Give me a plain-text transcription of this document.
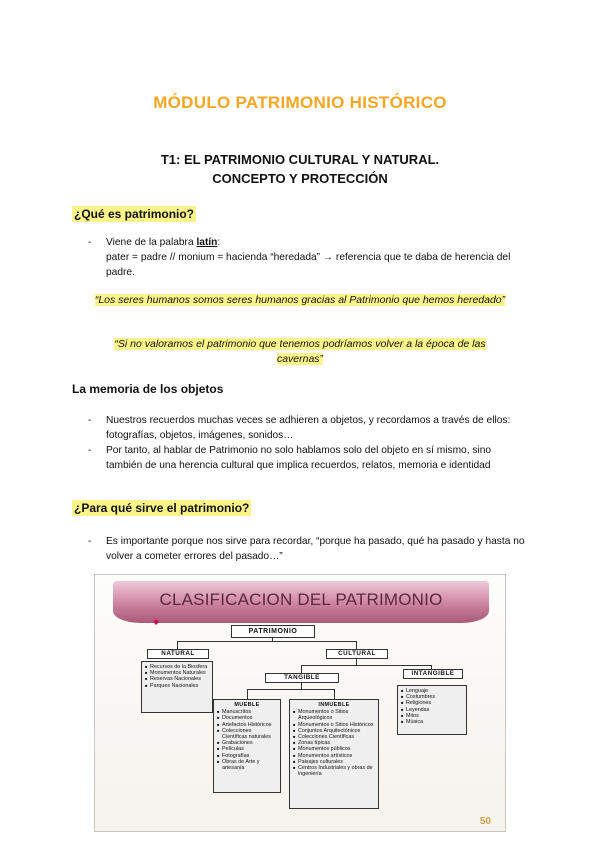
MÓDULO PATRIMONIO HISTÓRICO
T1: EL PATRIMONIO CULTURAL Y NATURAL.
CONCEPTO Y PROTECCIÓN
¿Qué es patrimonio?
- Viene de la palabra latín:
pater = padre // monium = hacienda “heredada” → referencia que te daba de herencia del padre.
“Los seres humanos somos seres humanos gracias al Patrimonio que hemos heredado”
“Si no valoramos el patrimonio que tenemos podríamos volver a la época de las cavernas”
La memoria de los objetos
- Nuestros recuerdos muchas veces se adhieren a objetos, y recordamos a través de ellos: fotografías, objetos, imágenes, sonidos…
- Por tanto, al hablar de Patrimonio no solo hablamos solo del objeto en sí mismo, sino también de una herencia cultural que implica recuerdos, relatos, memoria e identidad
¿Para qué sirve el patrimonio?
- Es importante porque nos sirve para recordar, “porque ha pasado, qué ha pasado y hasta no volver a cometer errores del pasado…”
CLASIFICACION DEL PATRIMONIO
◆
PATRIMONIO
NATURAL	CULTURAL
TANGIBLE
INTANGIBLE
■ Recursos de la Biosfera
■ Monumentos Naturales
■ Reservas Nacionales
■ Parques Nacionales
MUEBLE
■ Manuscritos
■ Documentos
■ Artefactos Históricos
■ Colecciones Científicas naturales
■ Grabaciones
■ Películas
■ Fotografías
■ Obras de Arte y artesanía
INMUEBLE
■ Monumentos o Sitios Arqueológicos
■ Monumentos o Sitios Históricos
■ Conjuntos Arquitectónicos
■ Colecciones Científicas
■ Zonas típicas
■ Monumentos públicos
■ Monumentos artísticos
■ Paisajes culturales
■ Centros Industriales y obras de ingeniería
■ Lenguaje
■ Costumbres
■ Religiones
■ Leyendas
■ Mitos
■ Música
50
